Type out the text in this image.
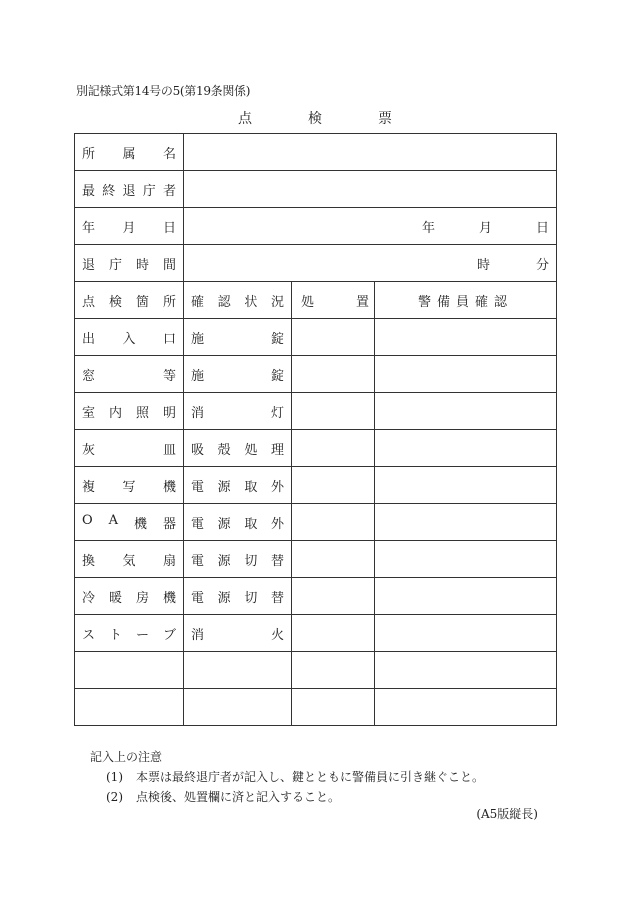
別記様式第14号の5(第19条関係)
点	検	票
所 属 名			

最 終 退 庁 者			

年 月 日	年 月 日		

退 庁 時 間	時 分		

点 検 箇 所	確 認 状 況	処 置	警備員確認

出 入 口	施 錠		

窓 等	施 錠		

室 内 照 明	消 灯		

灰 皿	吸 殻 処 理		

複 写 機	電 源 取 外		

O A 機 器	電 源 取 外		

換 気 扇	電 源 切 替		

冷 暖 房 機	電 源 切 替		

ス ト ー ブ	消 火		

記入上の注意
(1) 本票は最終退庁者が記入し、鍵とともに警備員に引き継ぐこと。
(2) 点検後、処置欄に済と記入すること。
(A5版縦長)
